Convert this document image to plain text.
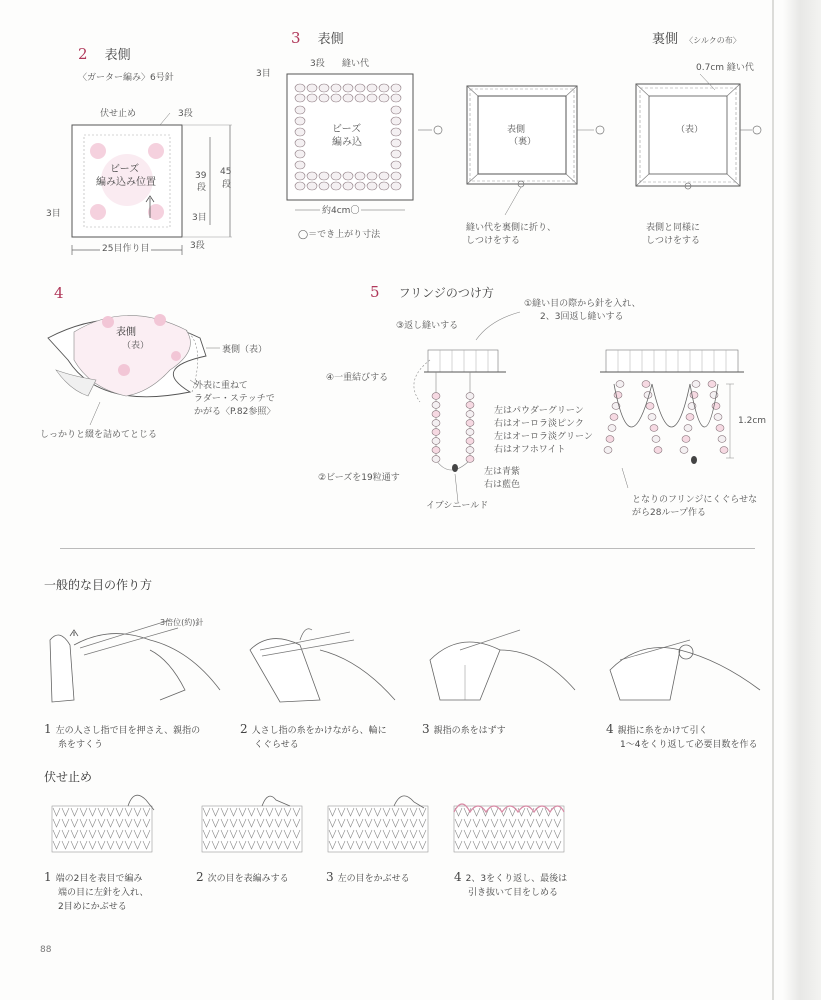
2 表側
〈ガーター編み〉6号針
伏せ止め	3段
ビーズ
編み込み位置
39
段
45
段
3目	3目
3段
25目作り目
3 表側
3段 縫い代
3目
ビーズ
編み込
約4cm〇
◯＝でき上がり寸法
表側
（裏）
縫い代を裏側に折り、
しつけをする
裏側 〈シルクの布〉
0.7cm 縫い代
（表）
表側と同様に
しつけをする
4
表側
（表）	裏側（表）
外表に重ねて
ラダー・ステッチで
かがる〈P.82参照〉
しっかりと綴を詰めてとじる
5 フリンジのつけ方
①縫い目の際から針を入れ、
2、3回返し縫いする
③返し縫いする
④一重結びする
左はパウダーグリーン
右はオーロラ淡ピンク
左はオーロラ淡グリーン
右はオフホワイト
左は青紫
右は藍色
②ビーズを19粒通す
イブシニールド
1.2cm
となりのフリンジにくぐらせな
がら28ループ作る
一般的な目の作り方
3倍位(約)針
1 左の人さし指で目を押さえ、親指の
糸をすくう
2 人さし指の糸をかけながら、輪に
くぐらせる
3 親指の糸をはずす	4 親指に糸をかけて引く
1〜4をくり返して必要目数を作る
伏せ止め
1 端の2目を表目で編み
端の目に左針を入れ、
2目めにかぶせる
2 次の目を表編みする	3 左の目をかぶせる	4 2、3をくり返し、最後は
引き抜いて目をしめる
88
